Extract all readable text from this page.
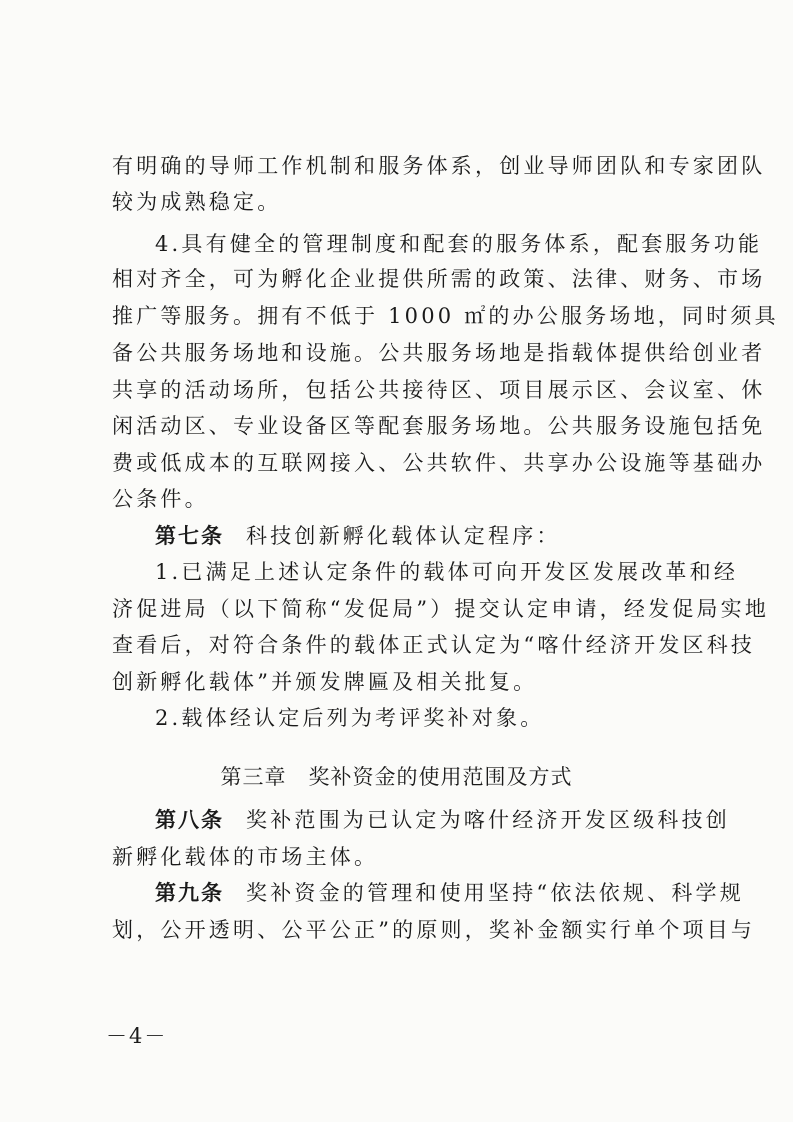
有明确的导师工作机制和服务体系，创业导师团队和专家团队
较为成熟稳定。
4.具有健全的管理制度和配套的服务体系，配套服务功能
相对齐全，可为孵化企业提供所需的政策、法律、财务、市场
推广等服务。拥有不低于 1000 ㎡的办公服务场地，同时须具
备公共服务场地和设施。公共服务场地是指载体提供给创业者
共享的活动场所，包括公共接待区、项目展示区、会议室、休
闲活动区、专业设备区等配套服务场地。公共服务设施包括免
费或低成本的互联网接入、公共软件、共享办公设施等基础办
公条件。
第七条 科技创新孵化载体认定程序：
1.已满足上述认定条件的载体可向开发区发展改革和经
济促进局（以下简称“发促局”）提交认定申请，经发促局实地
查看后，对符合条件的载体正式认定为“喀什经济开发区科技
创新孵化载体”并颁发牌匾及相关批复。
2.载体经认定后列为考评奖补对象。
第三章　奖补资金的使用范围及方式
第八条 奖补范围为已认定为喀什经济开发区级科技创
新孵化载体的市场主体。
第九条 奖补资金的管理和使用坚持“依法依规、科学规
划，公开透明、公平公正”的原则，奖补金额实行单个项目与
－4－
